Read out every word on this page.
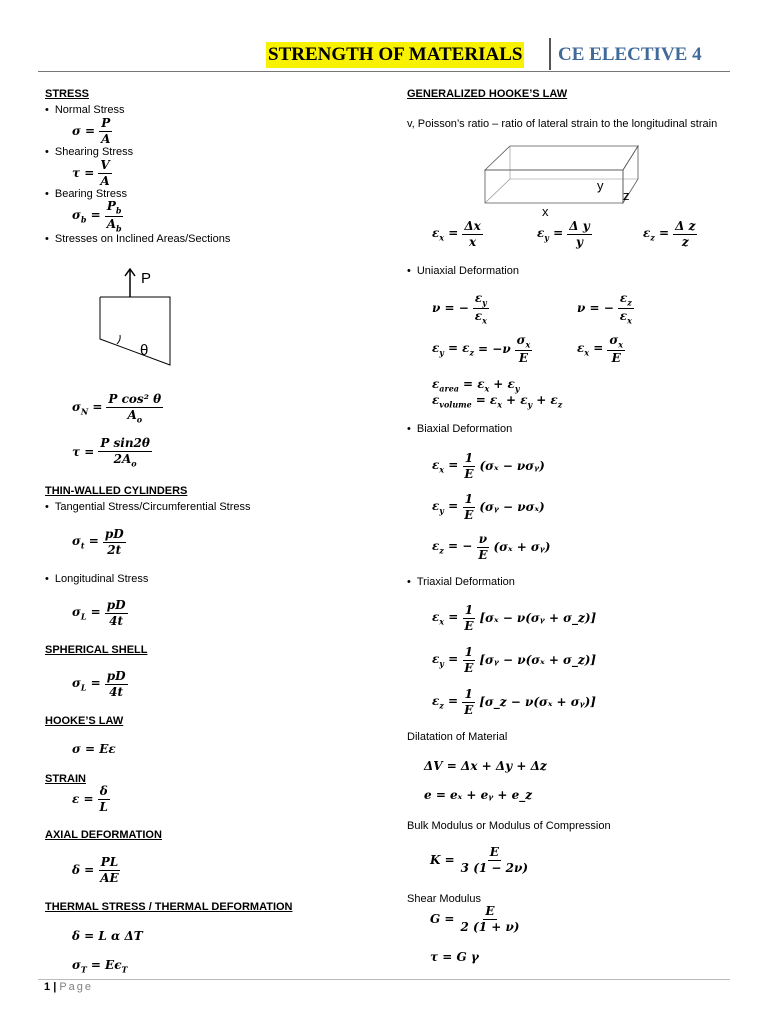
STRENGTH OF MATERIALS CE ELECTIVE 4
STRESS
• Normal Stress
$\sigma = \frac{P}{A}$
• Shearing Stress
$\tau = \frac{V}{A}$
• Bearing Stress
$\sigma_b = \frac{P_b}{A_b}$
• Stresses on Inclined Areas/Sections
P
θ
$\sigma_N = \frac{\text{P cos² θ}}{A_o}$
$\tau = \frac{\text{P sin2θ}}{2A_o}$
THIN-WALLED CYLINDERS
• Tangential Stress/Circumferential Stress
$\sigma_t = \frac{pD}{2t}$
• Longitudinal Stress
$\sigma_L = \frac{pD}{4t}$
SPHERICAL SHELL
$\sigma_L = \frac{pD}{4t}$
HOOKE’S LAW
σ = Eε
STRAIN
$\varepsilon = \frac{\delta}{L}$
AXIAL DEFORMATION
$\delta = \frac{PL}{AE}$
THERMAL STRESS / THERMAL DEFORMATION
δ = L α ΔT
$\sigma_T = E\epsilon_T$
GENERALIZED HOOKE’S LAW
v, Poisson’s ratio – ratio of lateral strain to the longitudinal strain
y
z
x
$\varepsilon_x = \frac{\Delta x}{x}$	$\varepsilon_y = \frac{\text{Δ y}}{y}$	$\varepsilon_z = \frac{\text{Δ z}}{z}$
• Uniaxial Deformation
ν = − $\frac{\varepsilon_y}{\varepsilon_x}$	ν = − $\frac{\varepsilon_z}{\varepsilon_x}$
$\varepsilon_y = \varepsilon_z = -\nu \frac{\sigma_x}{E}$	$\varepsilon_x = \frac{\sigma_x}{E}$
$\varepsilon_{area} = \varepsilon_x + \varepsilon_y$
$\varepsilon_{volume} = \varepsilon_x + \varepsilon_y + \varepsilon_z$
• Biaxial Deformation
$\varepsilon_x = \frac{1}{E} (\sigma_x$ − νσᵧ)
$\varepsilon_y = \frac{1}{E}$ (σᵧ − νσₓ)
$\varepsilon_z$ = − $\frac{\nu}{E} (\sigma_x$ + σᵧ)
• Triaxial Deformation
$\varepsilon_x = \frac{1}{E} [\sigma_x$ − ν(σᵧ + σ_z)]
$\varepsilon_y = \frac{1}{E}$ [σᵧ − ν(σₓ + σ_z)]
$\varepsilon_z = \frac{1}{E}$ [σ_z − ν(σₓ + σᵧ)]
Dilatation of Material
ΔV = Δx + Δy + Δz
e = eₓ + eᵧ + e_z
Bulk Modulus or Modulus of Compression
$K = \frac{E}{3 (1 - 2\nu)}$
Shear Modulus
$G = \frac{E}{2 (1 + \nu)}$
τ = G γ
1 | Page
